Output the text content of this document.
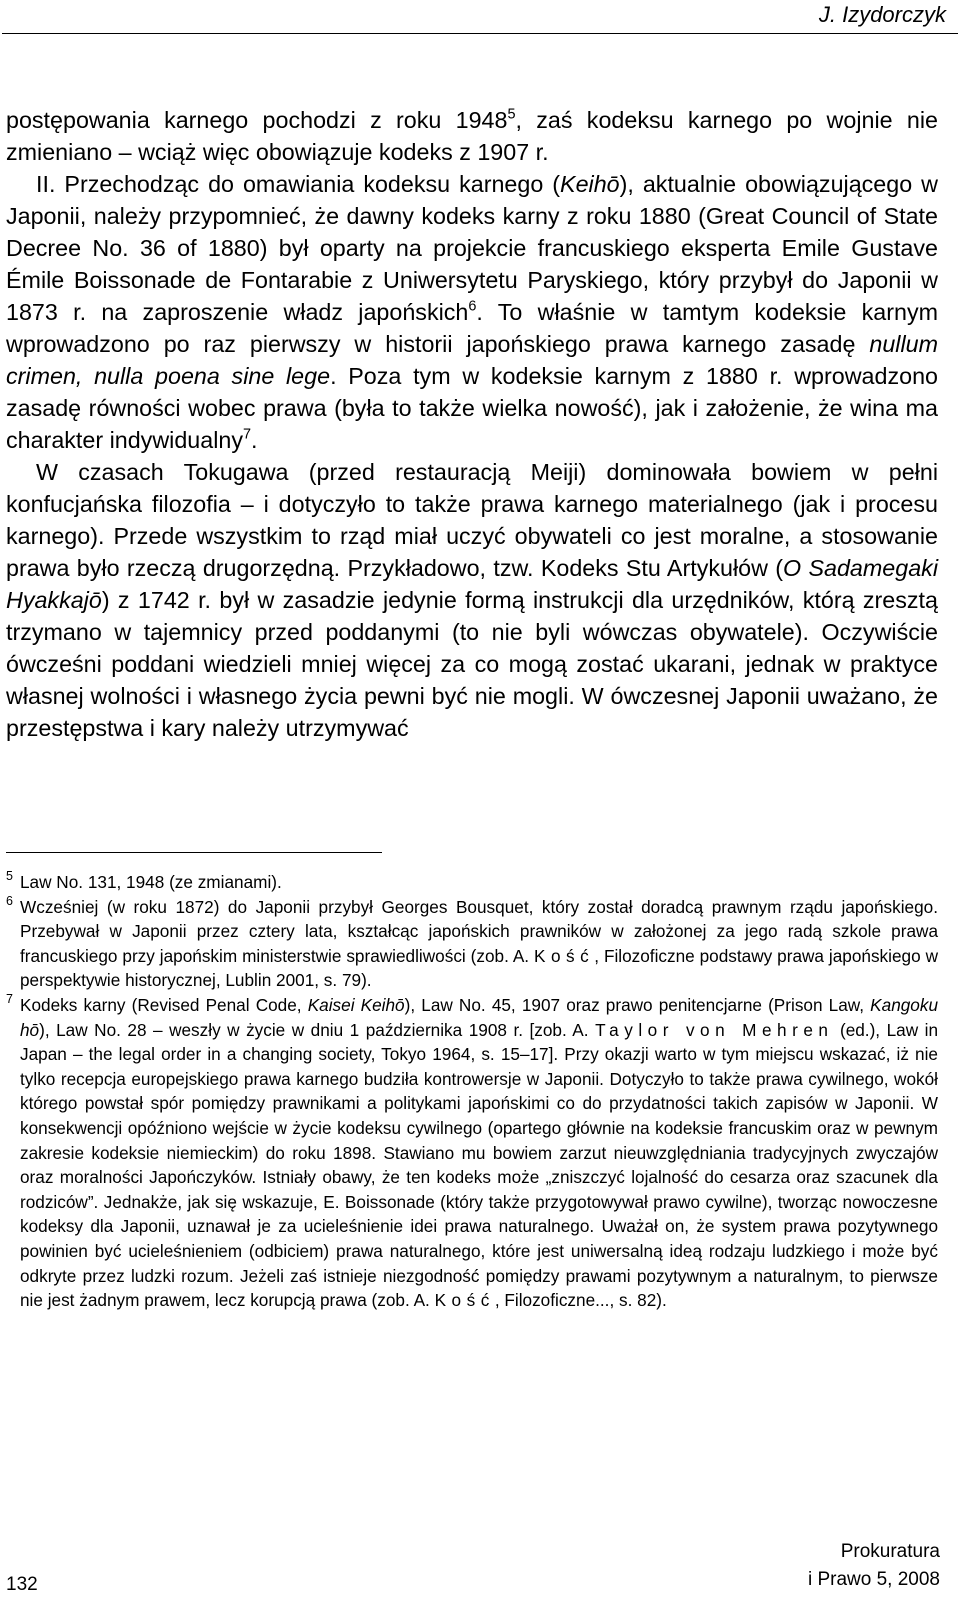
J. Izydorczyk

postępowania karnego pochodzi z roku 1948$^5$, zaś kodeksu karnego po wojnie nie zmieniano – wciąż więc obowiązuje kodeks z 1907 r.

II. Przechodząc do omawiania kodeksu karnego (Keihō), aktualnie obowiązującego w Japonii, należy przypomnieć, że dawny kodeks karny z roku 1880 (Great Council of State Decree No. 36 of 1880) był oparty na projekcie francuskiego eksperta Emile Gustave Émile Boissonade de Fontarabie z Uniwersytetu Paryskiego, który przybył do Japonii w 1873 r. na zaproszenie władz japońskich$^6$. To właśnie w tamtym kodeksie karnym wprowadzono po raz pierwszy w historii japońskiego prawa karnego zasadę nullum crimen, nulla poena sine lege. Poza tym w kodeksie karnym z 1880 r. wprowadzono zasadę równości wobec prawa (była to także wielka nowość), jak i założenie, że wina ma charakter indywidualny$^7$.

W czasach Tokugawa (przed restauracją Meiji) dominowała bowiem w pełni konfucjańska filozofia – i dotyczyło to także prawa karnego materialnego (jak i procesu karnego). Przede wszystkim to rząd miał uczyć obywateli co jest moralne, a stosowanie prawa było rzeczą drugorzędną. Przykładowo, tzw. Kodeks Stu Artykułów (O Sadamegaki Hyakkajō) z 1742 r. był w zasadzie jedynie formą instrukcji dla urzędników, którą zresztą trzymano w tajemnicy przed poddanymi (to nie byli wówczas obywatele). Oczywiście ówcześni poddani wiedzieli mniej więcej za co mogą zostać ukarani, jednak w praktyce własnej wolności i własnego życia pewni być nie mogli. W ówczesnej Japonii uważano, że przestępstwa i kary należy utrzymywać

5 Law No. 131, 1948 (ze zmianami).

6 Wcześniej (w roku 1872) do Japonii przybył Georges Bousquet, który został doradcą prawnym rządu japońskiego. Przebywał w Japonii przez cztery lata, kształcąc japońskich prawników w założonej za jego radą szkole prawa francuskiego przy japońskim ministerstwie sprawiedliwości (zob. A. Kość, Filozoficzne podstawy prawa japońskiego w perspektywie historycznej, Lublin 2001, s. 79).

7 Kodeks karny (Revised Penal Code, Kaisei Keihō), Law No. 45, 1907 oraz prawo penitencjarne (Prison Law, Kangoku hō), Law No. 28 – weszły w życie w dniu 1 października 1908 r. [zob. A. Taylor von Mehren (ed.), Law in Japan – the legal order in a changing society, Tokyo 1964, s. 15–17]. Przy okazji warto w tym miejscu wskazać, iż nie tylko recepcja europejskiego prawa karnego budziła kontrowersje w Japonii. Dotyczyło to także prawa cywilnego, wokół którego powstał spór pomiędzy prawnikami a politykami japońskimi co do przydatności takich zapisów w Japonii. W konsekwencji opóźniono wejście w życie kodeksu cywilnego (opartego głównie na kodeksie francuskim oraz w pewnym zakresie kodeksie niemieckim) do roku 1898. Stawiano mu bowiem zarzut nieuwzględniania tradycyjnych zwyczajów oraz moralności Japończyków. Istniały obawy, że ten kodeks może „zniszczyć lojalność do cesarza oraz szacunek dla rodziców”. Jednakże, jak się wskazuje, E. Boissonade (który także przygotowywał prawo cywilne), tworząc nowoczesne kodeksy dla Japonii, uznawał je za ucieleśnienie idei prawa naturalnego. Uważał on, że system prawa pozytywnego powinien być ucieleśnieniem (odbiciem) prawa naturalnego, które jest uniwersalną ideą rodzaju ludzkiego i może być odkryte przez ludzki rozum. Jeżeli zaś istnieje niezgodność pomiędzy prawami pozytywnym a naturalnym, to pierwsze nie jest żadnym prawem, lecz korupcją prawa (zob. A. Kość, Filozoficzne..., s. 82).

132
Prokuratura
i Prawo 5, 2008
